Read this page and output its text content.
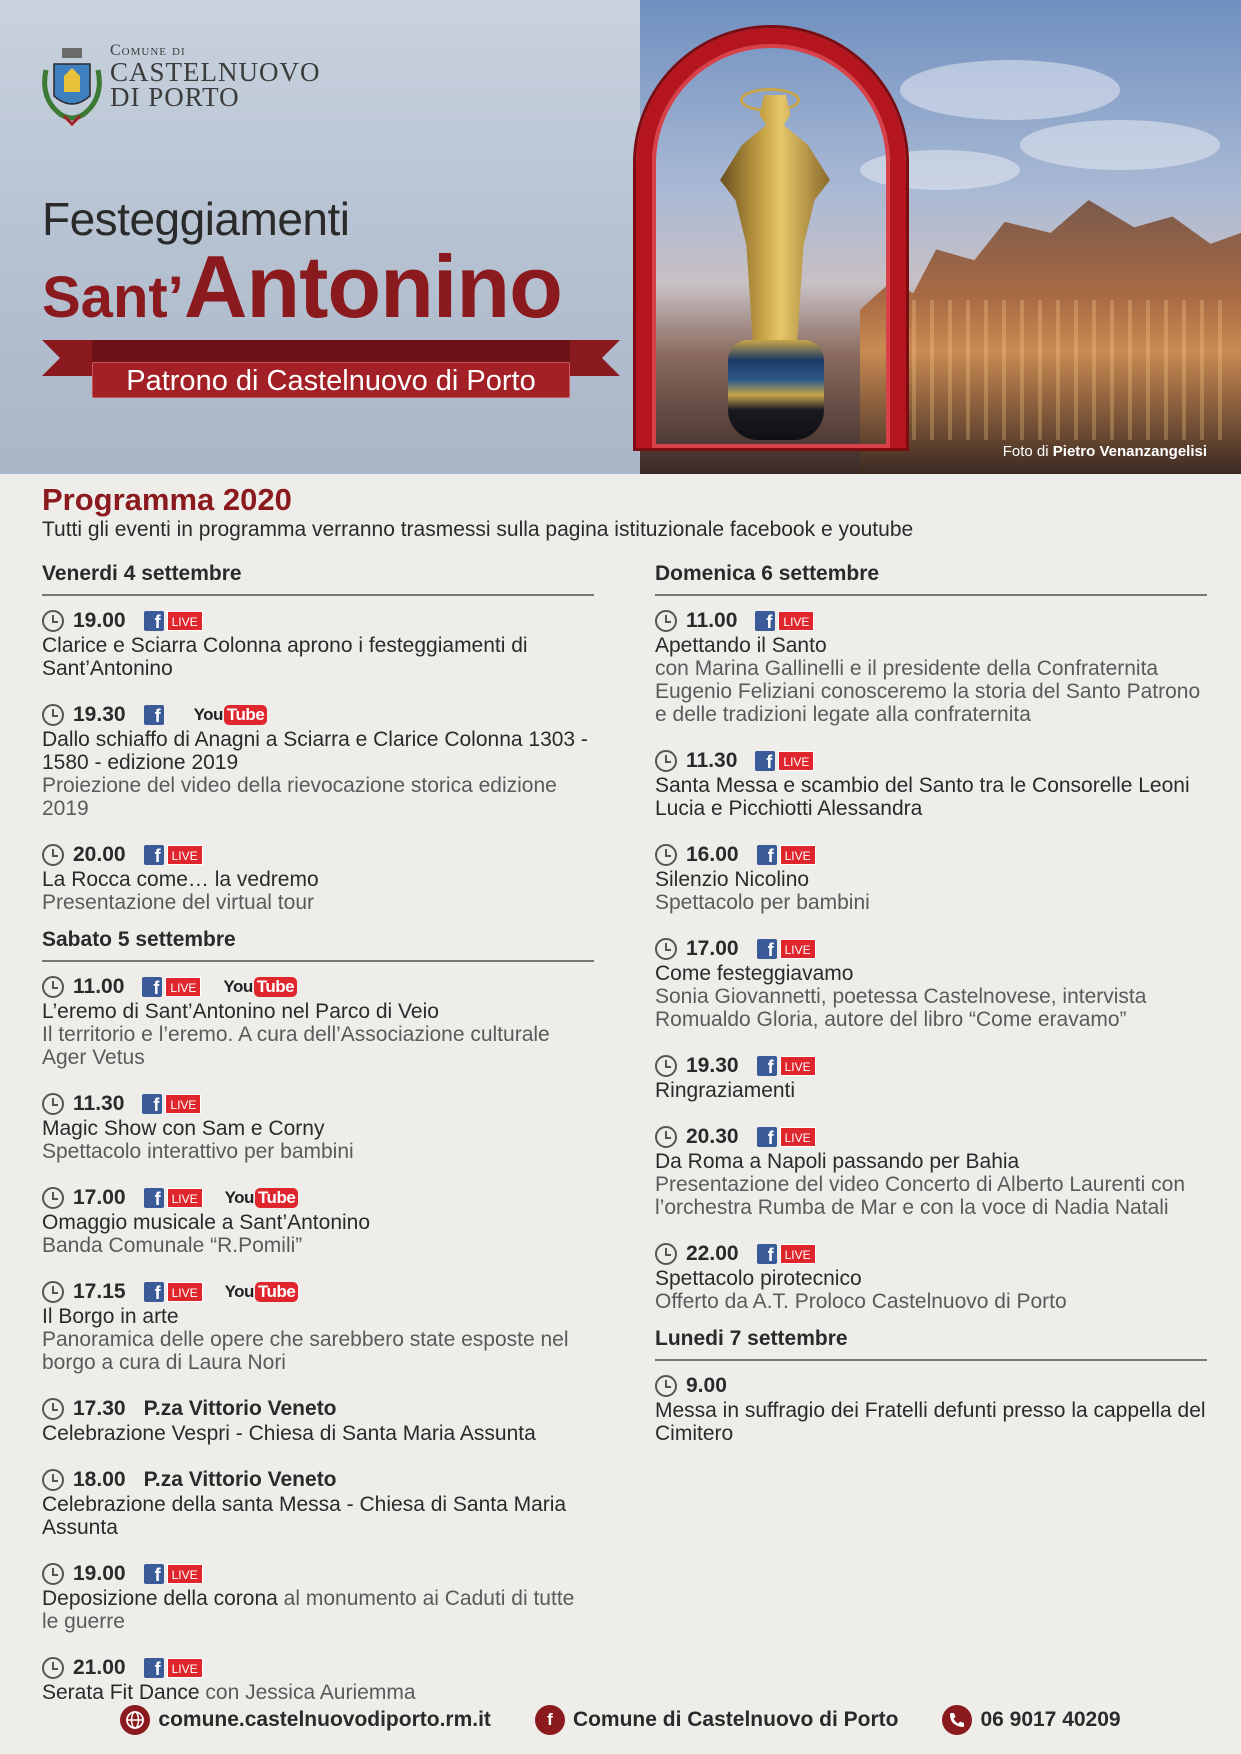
Comune di
CASTELNUOVO DI PORTO
Festeggiamenti
Sant’Antonino
Patrono di Castelnuovo di Porto
Foto di Pietro Venanzangelisi
Programma 2020
Tutti gli eventi in programma verranno trasmessi sulla pagina istituzionale facebook e youtube
Venerdi 4 settembre
19.00	f LIVE
Clarice e Sciarra Colonna aprono i festeggiamenti di Sant’Antonino
19.30	f You Tube
Dallo schiaffo di Anagni a Sciarra e Clarice Colonna 1303 - 1580 - edizione 2019
Proiezione del video della rievocazione storica edizione 2019
20.00	f LIVE
La Rocca come… la vedremo
Presentazione del virtual tour
Sabato 5 settembre
11.00	f LIVE You Tube
L’eremo di Sant’Antonino nel Parco di Veio
Il territorio e l’eremo. A cura dell’Associazione culturale Ager Vetus
11.30	f LIVE
Magic Show con Sam e Corny
Spettacolo interattivo per bambini
17.00	f LIVE You Tube
Omaggio musicale a Sant’Antonino
Banda Comunale “R.Pomili”
17.15	f LIVE You Tube
Il Borgo in arte
Panoramica delle opere che sarebbero state esposte nel borgo a cura di Laura Nori
17.30 P.za Vittorio Veneto
Celebrazione Vespri - Chiesa di Santa Maria Assunta
18.00 P.za Vittorio Veneto
Celebrazione della santa Messa - Chiesa di Santa Maria Assunta
19.00	f LIVE
Deposizione della corona al monumento ai Caduti di tutte le guerre
21.00	f LIVE
Serata Fit Dance con Jessica Auriemma
Domenica 6 settembre
11.00	f LIVE
Apettando il Santo
con Marina Gallinelli e il presidente della Confraternita Eugenio Feliziani conosceremo la storia del Santo Patrono e delle tradizioni legate alla confraternita
11.30	f LIVE
Santa Messa e scambio del Santo tra le Consorelle Leoni Lucia e Picchiotti Alessandra
16.00	f LIVE
Silenzio Nicolino
Spettacolo per bambini
17.00	f LIVE
Come festeggiavamo
Sonia Giovannetti, poetessa Castelnovese, intervista Romualdo Gloria, autore del libro “Come eravamo”
19.30	f LIVE
Ringraziamenti
20.30	f LIVE
Da Roma a Napoli passando per Bahia
Presentazione del video Concerto di Alberto Laurenti con l’orchestra Rumba de Mar e con la voce di Nadia Natali
22.00	f LIVE
Spettacolo pirotecnico
Offerto da A.T. Proloco Castelnuovo di Porto
Lunedi 7 settembre
9.00
Messa in suffragio dei Fratelli defunti presso la cappella del Cimitero
comune.castelnuovodiporto.rm.it	f Comune di Castelnuovo di Porto	06 9017 40209
